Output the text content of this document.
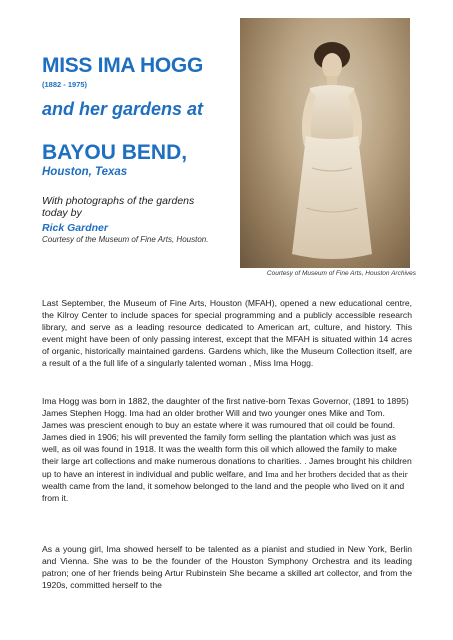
MISS IMA HOGG
(1882 - 1975)
and her gardens at
BAYOU BEND,
Houston, Texas
With photographs of the gardens today by
Rick Gardner
Courtesy of the Museum of Fine Arts, Houston.
Courtesy of Museum of Fine Arts, Houston Archives

Last September, the Museum of Fine Arts, Houston (MFAH), opened a new educational centre, the Kilroy Center to include spaces for special programming and a publicly accessible research library, and serve as a leading resource dedicated to American art, culture, and history. This event might have been of only passing interest, except that the MFAH is situated within 14 acres of organic, historically maintained gardens. Gardens which, like the Museum Collection itself, are a result of a the full life of a singularly talented woman , Miss Ima Hogg.

Ima Hogg was born in 1882, the daughter of the first native-born Texas Governor, (1891 to 1895) James Stephen Hogg. Ima had an older brother Will and two younger ones Mike and Tom. James was prescient enough to buy an estate where it was rumoured that oil could be found. James died in 1906; his will prevented the family form selling the plantation which was just as well, as oil was found in 1918. It was the wealth form this oil which allowed the family to make their large art collections and make numerous donations to charities. . James brought his children up to have an interest in individual and public welfare, and Ima and her brothers decided that as their wealth came from the land, it somehow belonged to the land and the people who lived on it and from it.

As a young girl, Ima showed herself to be talented as a pianist and studied in New York, Berlin and Vienna. She was to be the founder of the Houston Symphony Orchestra and its leading patron; one of her friends being Artur Rubinstein She became a skilled art collector, and from the 1920s, committed herself to the
